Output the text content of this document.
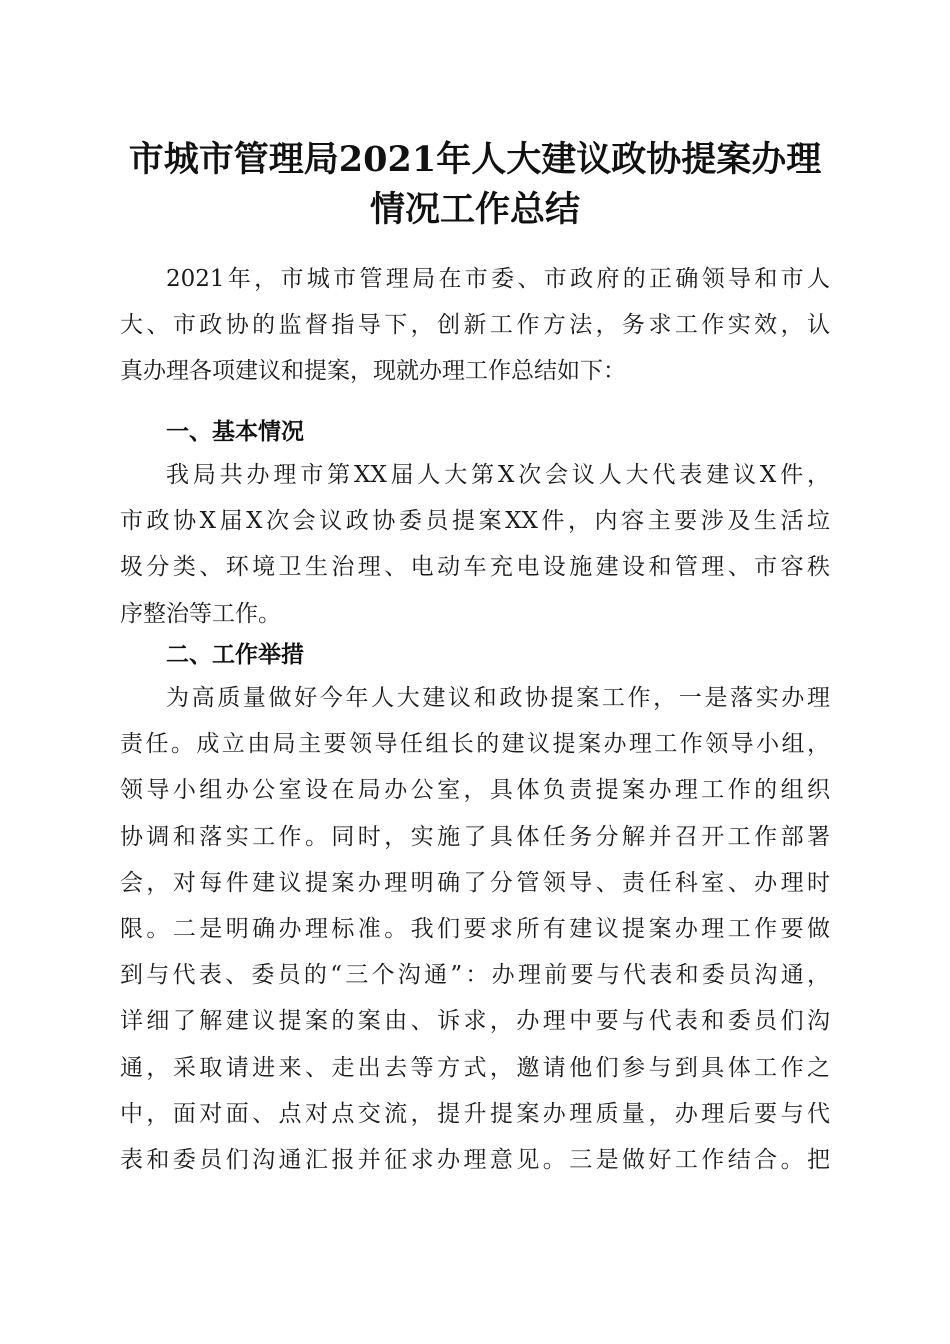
市城市管理局2021年人大建议政协提案办理
情况工作总结
2021年，市城市管理局在市委、市政府的正确领导和市人
大、市政协的监督指导下，创新工作方法，务求工作实效，认
真办理各项建议和提案，现就办理工作总结如下：
一、基本情况
我局共办理市第XX届人大第X次会议人大代表建议X件，
市政协X届X次会议政协委员提案XX件，内容主要涉及生活垃
圾分类、环境卫生治理、电动车充电设施建设和管理、市容秩
序整治等工作。
二、工作举措
为高质量做好今年人大建议和政协提案工作，一是落实办理
责任。成立由局主要领导任组长的建议提案办理工作领导小组，
领导小组办公室设在局办公室，具体负责提案办理工作的组织
协调和落实工作。同时，实施了具体任务分解并召开工作部署
会，对每件建议提案办理明确了分管领导、责任科室、办理时
限。二是明确办理标准。我们要求所有建议提案办理工作要做
到与代表、委员的“三个沟通”：办理前要与代表和委员沟通，
详细了解建议提案的案由、诉求，办理中要与代表和委员们沟
通，采取请进来、走出去等方式，邀请他们参与到具体工作之
中，面对面、点对点交流，提升提案办理质量，办理后要与代
表和委员们沟通汇报并征求办理意见。三是做好工作结合。把
